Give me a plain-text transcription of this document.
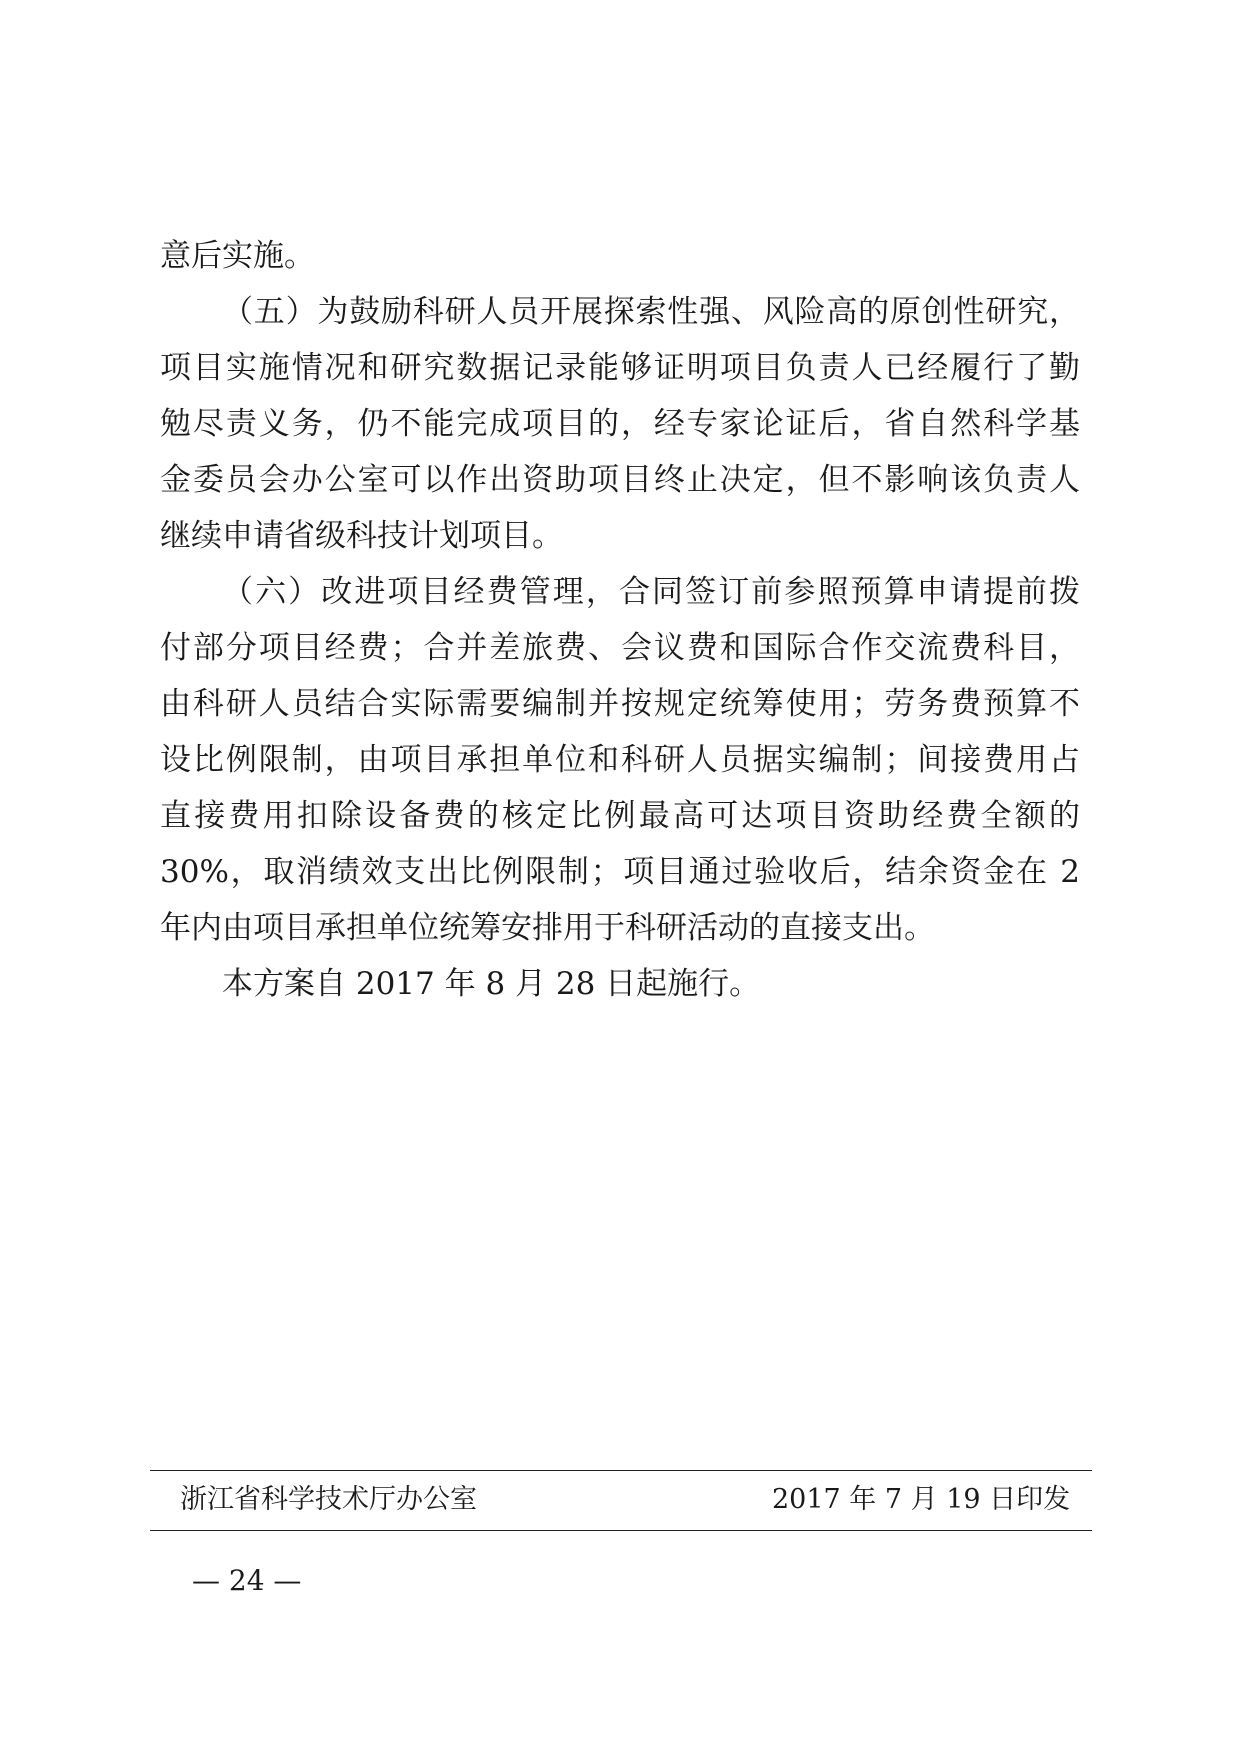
意后实施。
（五）为鼓励科研人员开展探索性强、风险高的原创性研究，
项目实施情况和研究数据记录能够证明项目负责人已经履行了勤
勉尽责义务，仍不能完成项目的，经专家论证后，省自然科学基
金委员会办公室可以作出资助项目终止决定，但不影响该负责人
继续申请省级科技计划项目。
（六）改进项目经费管理，合同签订前参照预算申请提前拨
付部分项目经费；合并差旅费、会议费和国际合作交流费科目，
由科研人员结合实际需要编制并按规定统筹使用；劳务费预算不
设比例限制，由项目承担单位和科研人员据实编制；间接费用占
直接费用扣除设备费的核定比例最高可达项目资助经费全额的
30%，取消绩效支出比例限制；项目通过验收后，结余资金在 2
年内由项目承担单位统筹安排用于科研活动的直接支出。
本方案自 2017 年 8 月 28 日起施行。
浙江省科学技术厅办公室	2017 年 7 月 19 日印发
— 24 —
